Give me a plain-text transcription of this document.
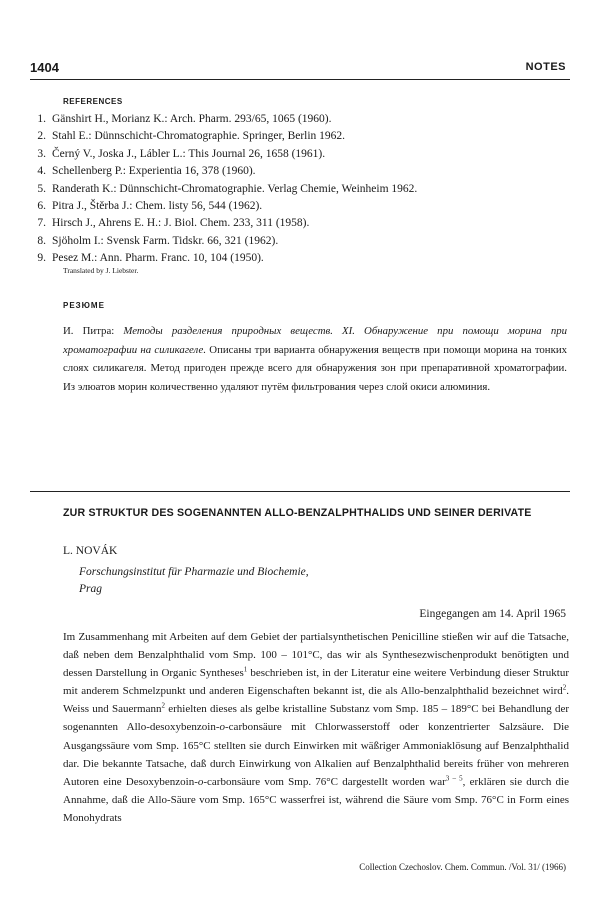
1404	NOTES
REFERENCES
1. Gänshirt H., Morianz K.: Arch. Pharm. 293/65, 1065 (1960).
2. Stahl E.: Dünnschicht-Chromatographie. Springer, Berlin 1962.
3. Černý V., Joska J., Lábler L.: This Journal 26, 1658 (1961).
4. Schellenberg P.: Experientia 16, 378 (1960).
5. Randerath K.: Dünnschicht-Chromatographie. Verlag Chemie, Weinheim 1962.
6. Pitra J., Štěrba J.: Chem. listy 56, 544 (1962).
7. Hirsch J., Ahrens E. H.: J. Biol. Chem. 233, 311 (1958).
8. Sjöholm I.: Svensk Farm. Tidskr. 66, 321 (1962).
9. Pesez M.: Ann. Pharm. Franc. 10, 104 (1950).
Translated by J. Liebster.
РЕЗЮМЕ

И. Питра: Методы разделения природных веществ. XI. Обнаружение при помощи морина при хроматографии на силикагеле. Описаны три варианта обнаружения веществ при помощи морина на тонких слоях силикагеля. Метод пригоден прежде всего для обнаружения зон при препаративной хроматографии. Из элюатов морин количественно удаляют путём фильтрования через слой окиси алюминия.

ZUR STRUKTUR DES SOGENANNTEN ALLO-BENZALPHTHALIDS UND SEINER DERIVATE
L. NOVÁK

Forschungsinstitut für Pharmazie und Biochemie,
Prag

Eingegangen am 14. April 1965

Im Zusammenhang mit Arbeiten auf dem Gebiet der partialsynthetischen Penicilline stießen wir auf die Tatsache, daß neben dem Benzalphthalid vom Smp. 100 – 101°C, das wir als Synthesezwischenprodukt benötigten und dessen Darstellung in Organic Syntheses$^1$ beschrieben ist, in der Literatur eine weitere Verbindung dieser Struktur mit anderem Schmelzpunkt und anderen Eigenschaften bekannt ist, die als Allo-benzalphthalid bezeichnet wird$^2$. Weiss und Sauermann$^2$ erhielten dieses als gelbe kristalline Substanz vom Smp. 185 – 189°C bei Behandlung der sogenannten Allo-desoxybenzoin-o-carbonsäure mit Chlorwasserstoff oder konzentrierter Salzsäure. Die Ausgangssäure vom Smp. 165°C stellten sie durch Einwirken mit wäßriger Ammoniaklösung auf Benzalphthalid dar. Die bekannte Tatsache, daß durch Einwirkung von Alkalien auf Benzalphthalid bereits früher von mehreren Autoren eine Desoxybenzoin-o-carbonsäure vom Smp. 76°C dargestellt worden war$^{3 - 5}$, erklären sie durch die Annahme, daß die Allo-Säure vom Smp. 165°C wasserfrei ist, während die Säure vom Smp. 76°C in Form eines Monohydrats

Collection Czechoslov. Chem. Commun. /Vol. 31/ (1966)
